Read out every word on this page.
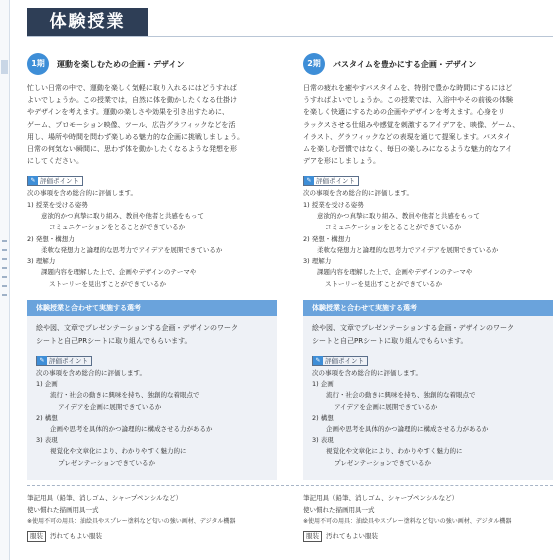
体験授業
1期	運動を楽しむための企画・デザイン
忙しい日常の中で、運動を楽しく気軽に取り入れるにはどうすれば
よいでしょうか。この授業では，自然に体を動かしたくなる仕掛け
やデザインを考えます。運動の楽しさや効果を引き出すために、
ゲーム、プロモーション映像、ツール、広告グラフィックなどを活
用し、場所や時間を問わず楽しめる魅力的な企画に挑戦しましょう。
日常の何気ない瞬間に、思わず体を動かしたくなるような発想を形
にしてください。
✎ 評価ポイント
次の事項を含め総合的に評価します。
1) 授業を受ける姿勢
意欲的かつ真摯に取り組み、教員や他者と共感をもって
コミュニケーションをとることができているか
2) 発想・構想力
柔軟な発想力と論理的な思考力でアイデアを展開できているか
3) 理解力
課題内容を理解した上で、企画やデザインのテーマや
ストーリーを見出すことができているか
2期	バスタイムを豊かにする企画・デザイン
日常の疲れを癒やすバスタイムを、特別で豊かな時間にするにはど
うすればよいでしょうか。この授業では、入浴中やその前後の体験
を楽しく快適にするための企画やデザインを考えます。心身をリ
ラックスさせる仕組みや感覚を刺激するアイデアを、映像、ゲーム、
イラスト、グラフィックなどの表現を通じて提案します。バスタイ
ムを楽しむ習慣ではなく、毎日の楽しみになるような魅力的なアイ
デアを形にしましょう。
✎ 評価ポイント
次の事項を含め総合的に評価します。
1) 授業を受ける姿勢
意欲的かつ真摯に取り組み、教員や他者と共感をもって
コミュニケーションをとることができているか
2) 発想・構想力
柔軟な発想力と論理的な思考力でアイデアを展開できているか
3) 理解力
課題内容を理解した上で、企画やデザインのテーマや
ストーリーを見出すことができているか
体験授業と合わせて実施する選考
絵や図、文章でプレゼンテーションする企画・デザインのワーク
シートと自己PRシートに取り組んでもらいます。
✎ 評価ポイント
次の事項を含め総合的に評価します。
1) 企画
流行・社会の動きに興味を持ち、独創的な着眼点で
アイデアを企画に展開できているか
2) 構想
企画や思考を具体的かつ論理的に構成させる力があるか
3) 表現
視覚化や文章化により、わかりやすく魅力的に
プレゼンテーションできているか
体験授業と合わせて実施する選考
絵や図、文章でプレゼンテーションする企画・デザインのワーク
シートと自己PRシートに取り組んでもらいます。
✎ 評価ポイント
次の事項を含め総合的に評価します。
1) 企画
流行・社会の動きに興味を持ち、独創的な着眼点で
アイデアを企画に展開できているか
2) 構想
企画や思考を具体的かつ論理的に構成させる力があるか
3) 表現
視覚化や文章化により、わかりやすく魅力的に
プレゼンテーションできているか
筆記用具（鉛筆、消しゴム、シャープペンシルなど）
使い慣れた描画用具一式
※使用不可の用具：油絵具やスプレー塗料など匂いの強い画材、デジタル機器
服装	汚れてもよい服装
筆記用具（鉛筆、消しゴム、シャープペンシルなど）
使い慣れた描画用具一式
※使用不可の用具：油絵具やスプレー塗料など匂いの強い画材、デジタル機器
服装	汚れてもよい服装
